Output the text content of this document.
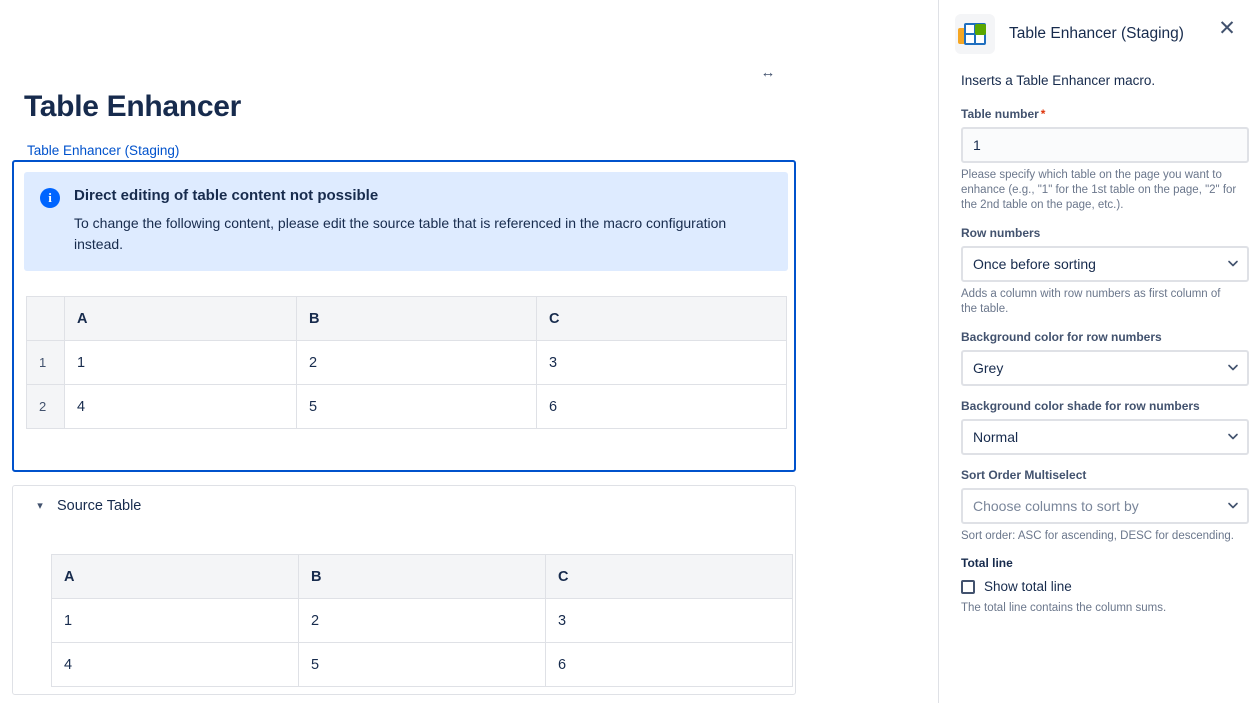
↔
Table Enhancer
Table Enhancer (Staging)
i	Direct editing of table content not possible
To change the following content, please edit the source table that is referenced in the macro configuration instead.
	A	B	C
1	1	2	3
2	4	5	6
▾ Source Table
A	B	C
1	2	3
4	5	6
Table Enhancer (Staging) ✕
Inserts a Table Enhancer macro.
Table number *
1
Please specify which table on the page you want to enhance (e.g., "1" for the 1st table on the page, "2" for the 2nd table on the page, etc.).
Row numbers
Once before sorting
Adds a column with row numbers as first column of the table.
Background color for row numbers
Grey
Background color shade for row numbers
Normal
Sort Order Multiselect
Choose columns to sort by
Sort order: ASC for ascending, DESC for descending.
Total line
Show total line
The total line contains the column sums.
